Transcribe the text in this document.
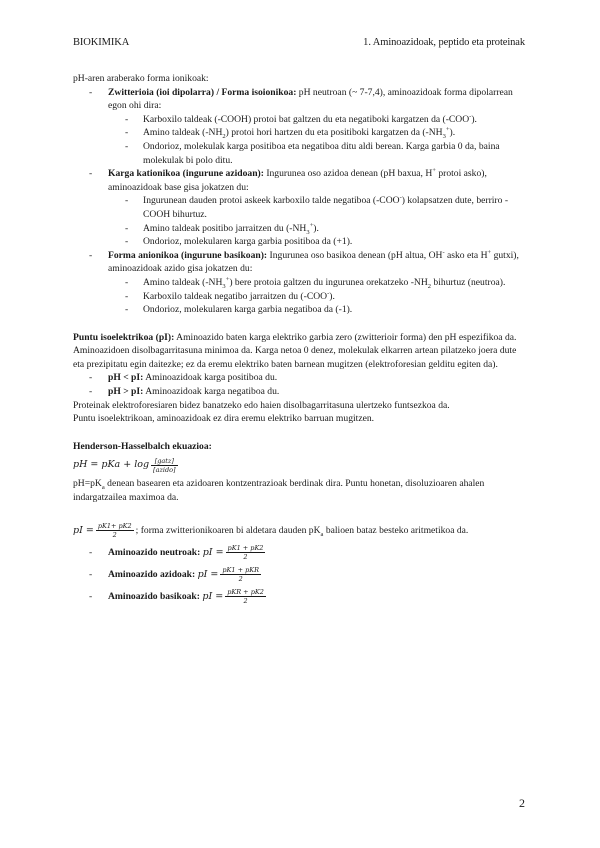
BIOKIMIKA	1. Aminoazidoak, peptido eta proteinak

pH-aren araberako forma ionikoak:

- Zwitterioia (ioi dipolarra) / Forma isoionikoa: pH neutroan (~ 7-7,4), aminoazidoak forma dipolarrean egon ohi dira:
- Karboxilo taldeak (-COOH) protoi bat galtzen du eta negatiboki kargatzen da (-COO-).
- Amino taldeak $(-NH_2)$ protoi hori hartzen du eta positiboki kargatzen da $(-NH_3^+)$.
- Ondorioz, molekulak karga positiboa eta negatiboa ditu aldi berean. Karga garbia 0 da, baina molekulak bi polo ditu.
- Karga kationikoa (ingurune azidoan): Ingurunea oso azidoa denean (pH baxua, H+ protoi asko), aminoazidoak base gisa jokatzen du:
- Ingurunean dauden protoi askeek karboxilo talde negatiboa (-COO-) kolapsatzen dute, berriro -COOH bihurtuz.
- Amino taldeak positibo jarraitzen du $(-NH_3^+)$.
- Ondorioz, molekularen karga garbia positiboa da (+1).
- Forma anionikoa (ingurune basikoan): Ingurunea oso basikoa denean (pH altua, OH- asko eta H+ gutxi), aminoazidoak azido gisa jokatzen du:
- Amino taldeak $(-NH_3^+)$ bere protoia galtzen du ingurunea orekatzeko $-NH_2$ bihurtuz (neutroa).
- Karboxilo taldeak negatibo jarraitzen du (-COO-).
- Ondorioz, molekularen karga garbia negatiboa da (-1).

Puntu isoelektrikoa (pI): Aminoazido baten karga elektriko garbia zero (zwitterioir forma) den pH espezifikoa da. Aminoazidoen disolbagarritasuna minimoa da. Karga netoa 0 denez, molekulak elkarren artean pilatzeko joera dute eta prezipitatu egin daitezke; ez da eremu elektriko baten barnean mugitzen (elektroforesian gelditu egiten da).

- pH < pI: Aminoazidoak karga positiboa du.
- pH > pI: Aminoazidoak karga negatiboa du.

Proteinak elektroforesiaren bidez banatzeko edo haien disolbagarritasuna ulertzeko funtsezkoa da.

Puntu isoelektrikoan, aminoazidoak ez dira eremu elektriko barruan mugitzen.

Henderson-Hasselbalch ekuazioa:

pH = pKa + $\log \frac{\text{[gatz]}}{\text{[azido]}}$

$pH=pK_a$ denean basearen eta azidoaren kontzentrazioak berdinak dira. Puntu honetan, disoluzioaren ahalen indargatzailea maximoa da.

pI = $\frac{pK1+ pK2}{2}$ ; forma zwitterionikoaren bi aldetara dauden $pK_a$ balioen bataz besteko aritmetikoa da.
- Aminoazido neutroak: pI = $\frac{pK1 + pK2}{2}$
- Aminoazido azidoak: pI = $\frac{\text{pK1 + pKR}}{2}$
- Aminoazido basikoak: pI = $\frac{\text{pKR + pK2}}{2}$
2
